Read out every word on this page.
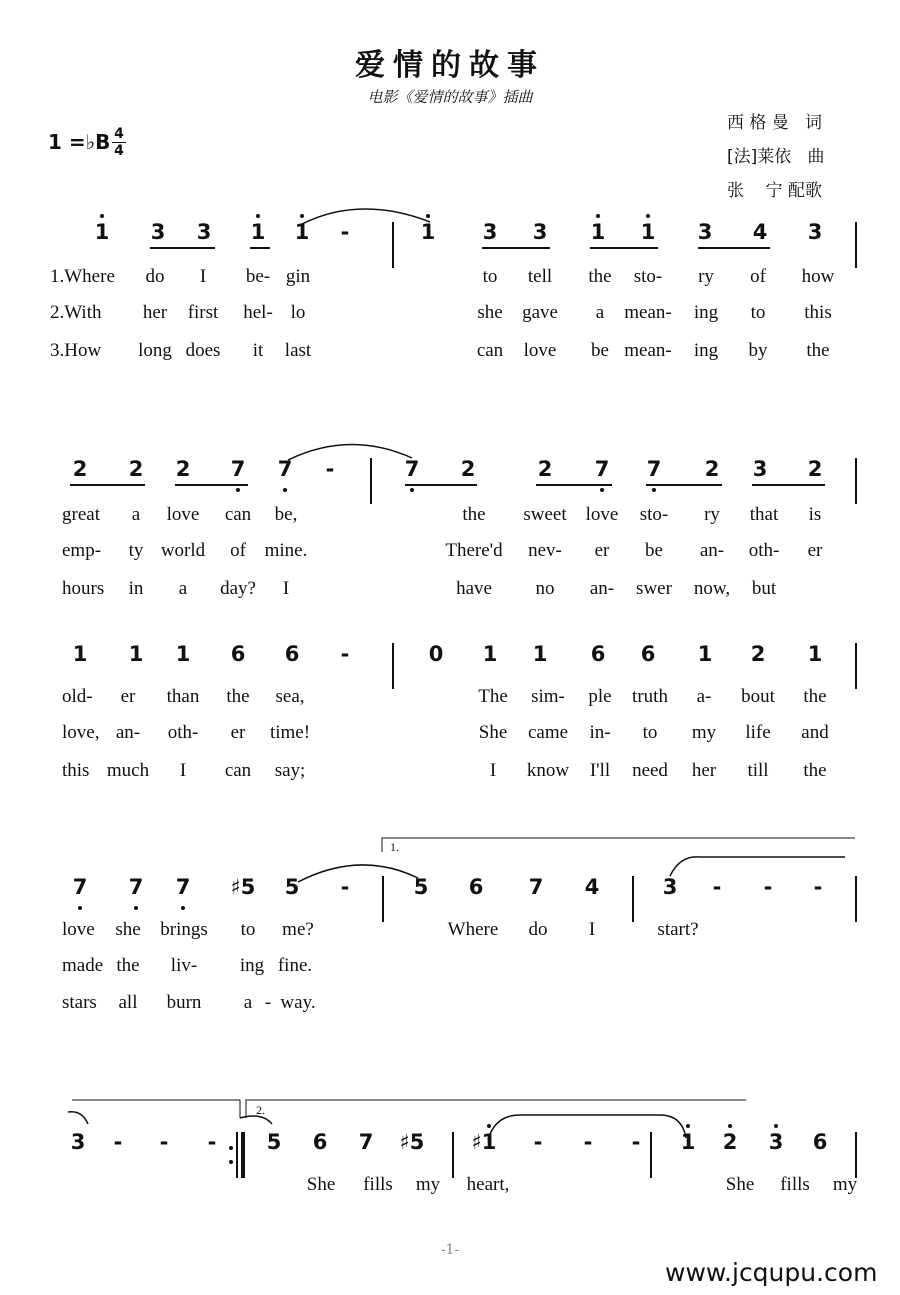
爱情的故事
电影《爱情的故事》插曲
西 格 曼   词
[法]莱依   曲
张    宁 配歌
1 =♭B 4
4
1 3 3 1 1 -	1 3 3 1 1 3 4 3
1.Where do I be- gin	to tell the sto- ry of how
2.With her first hel- lo	she gave a mean- ing to this
3.How long does it last	can love be mean- ing by the
2 2 2 7 7 -	7 2	2 7 7 2 3 2
great a love can be,	the sweet love sto- ry that is
emp- ty world of mine.	There'd nev- er be an- oth- er
hours in a day? I	have no an- swer now, but
1 1 1 6 6 -	0 1 1 6 6 1 2 1
old- er than the sea,	The sim- ple truth a- bout the
love, an- oth- er time!	She came in- to my life and
this much I can say;	I know I'll need her till the
7 7 7 ♯5 5 -	5 6 7 4	3 - - -
love she brings to me?	Where do I	start?
made the liv- ing fine.
stars all burn a - way.
3 - - - 5 6 7 ♯5 ♯1 - - - 1 2 3 6
She fills my heart,	She fills my
1.
2.
-1-
www.jcqupu.com
